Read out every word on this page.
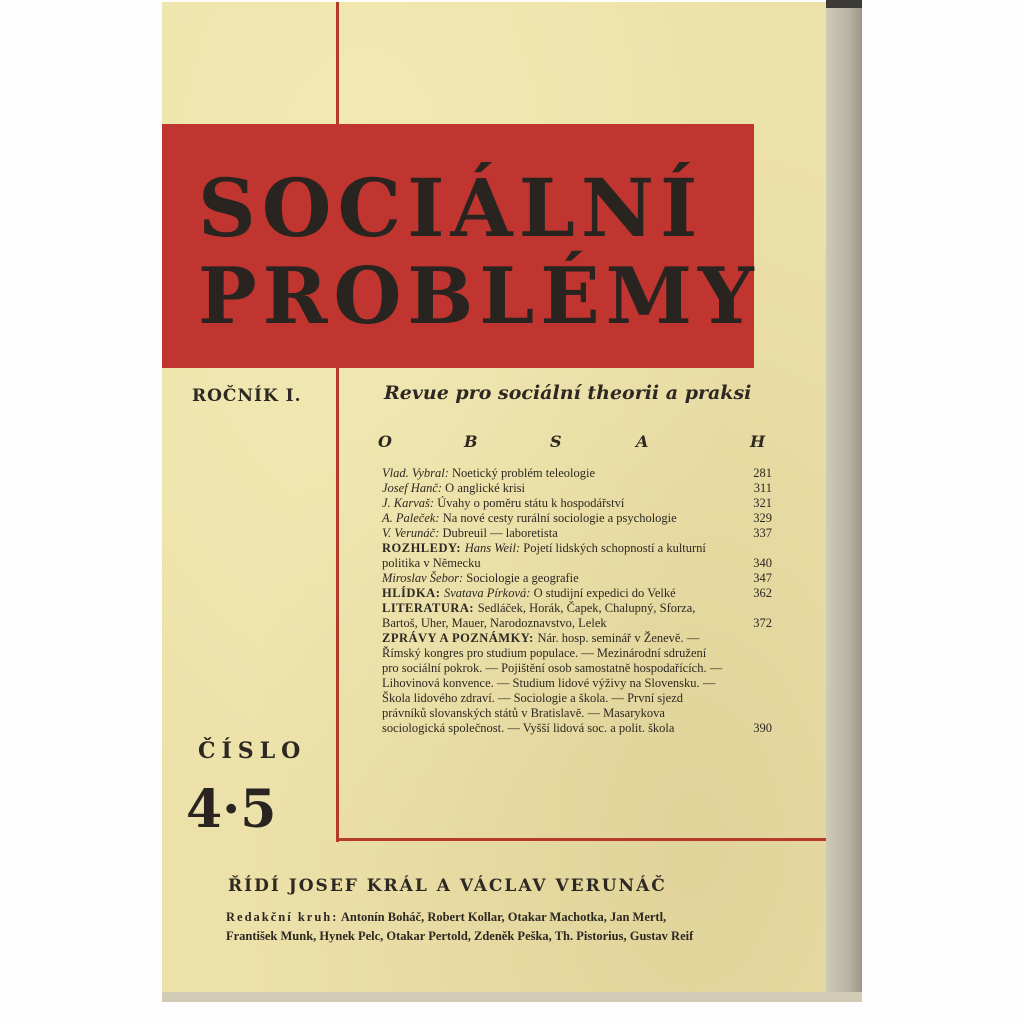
SOCIÁLNÍ
PROBLÉMY
ROČNÍK I.	Revue pro sociální theorii a praksi
O	B	S	A	H
Vlad. Vybral: Noetický problém teleologie	281
Josef Hanč: O anglické krisi	311
J. Karvaš: Úvahy o poměru státu k hospodářství	321
A. Paleček: Na nové cesty rurální sociologie a psychologie	329
V. Verunáč: Dubreuil — laboretista	337
ROZHLEDY: Hans Weil: Pojetí lidských schopností a kulturní politika v Německu	340
Miroslav Šebor: Sociologie a geografie	347
HLÍDKA: Svatava Pírková: O studijní expedici do Velké	362
LITERATURA: Sedláček, Horák, Čapek, Chalupný, Sforza, Bartoš, Uher, Mauer, Narodoznavstvo, Lelek	372
ZPRÁVY A POZNÁMKY: Nár. hosp. seminář v Ženevě. — Římský kongres pro studium populace. — Mezinárodní sdružení pro sociální pokrok. — Pojištění osob samostatně hospodařících. — Lihovinová konvence. — Studium lidové výživy na Slovensku. — Škola lidového zdraví. — Sociologie a škola. — První sjezd právníků slovanských států v Bratislavě. — Masarykova sociologická společnost. — Vyšší lidová soc. a polit. škola	390
ČÍSLO
4·5
ŘÍDÍ JOSEF KRÁL A VÁCLAV VERUNÁČ
Redakční kruh: Antonín Boháč, Robert Kollar, Otakar Machotka, Jan Mertl,
František Munk, Hynek Pelc, Otakar Pertold, Zdeněk Peška, Th. Pistorius, Gustav Reif
